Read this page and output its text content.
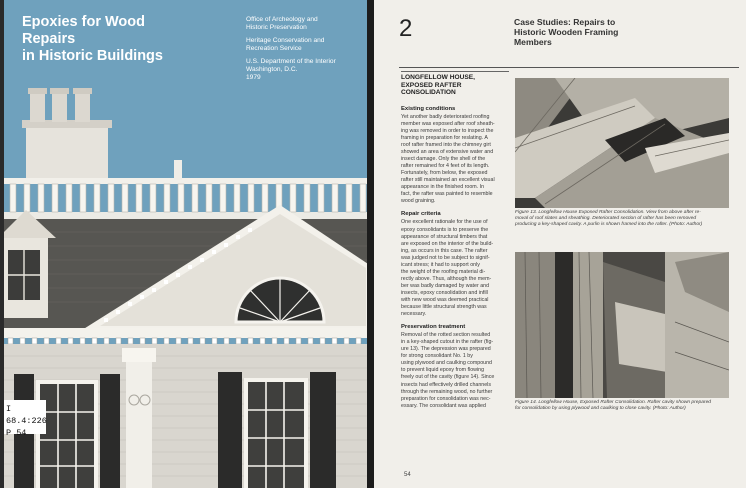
Epoxies for Wood Repairs
in Historic Buildings
Office of Archeology and
Historic Preservation
Heritage Conservation and
Recreation Service
U.S. Department of the Interior
Washington, D.C.
1979
I 68.4:226
P 54
2	Case Studies: Repairs to
Historic Wooden Framing
Members
LONGFELLOW HOUSE,
EXPOSED RAFTER
CONSOLIDATION
Existing conditions
Yet another badly deteriorated roofing
member was exposed after roof sheath-
ing was removed in order to inspect the
framing in preparation for reslating. A
roof rafter framed into the chimney girt
showed an area of extensive water and
insect damage. Only the shell of the
rafter remained for 4 feet of its length.
Fortunately, from below, the exposed
rafter still maintained an excellent visual
appearance in the finished room. In
fact, the rafter was painted to resemble
wood graining.
Repair criteria
One excellent rationale for the use of
epoxy consolidants is to preserve the
appearance of structural timbers that
are exposed on the interior of the build-
ing, as occurs in this case. The rafter
was judged not to be subject to signif-
icant stress; it had to support only
the weight of the roofing material di-
rectly above. Thus, although the mem-
ber was badly damaged by water and
insects, epoxy consolidation and infill
with new wood was deemed practical
because little structural strength was
necessary.
Preservation treatment
Removal of the rotted section resulted
in a key-shaped cutout in the rafter (fig-
ure 13). The depression was prepared
for strong consolidant No. 1 by
using plywood and caulking compound
to prevent liquid epoxy from flowing
freely out of the cavity (figure 14). Since
insects had effectively drilled channels
through the remaining wood, no further
preparation for consolidation was nec-
essary. The consolidant was applied
Figure 13. Longfellow House Exposed Rafter Consolidation. View from above after re-
moval of roof slates and sheathing. Deteriorated section of rafter has been removed
producing a key-shaped cavity. A purlin is shown framed into the rafter. (Photo: Author)
Figure 14. Longfellow House, Exposed Rafter Consolidation. Rafter cavity shown prepared
for consolidation by using plywood and caulking to close cavity. (Photo: Author)
54
